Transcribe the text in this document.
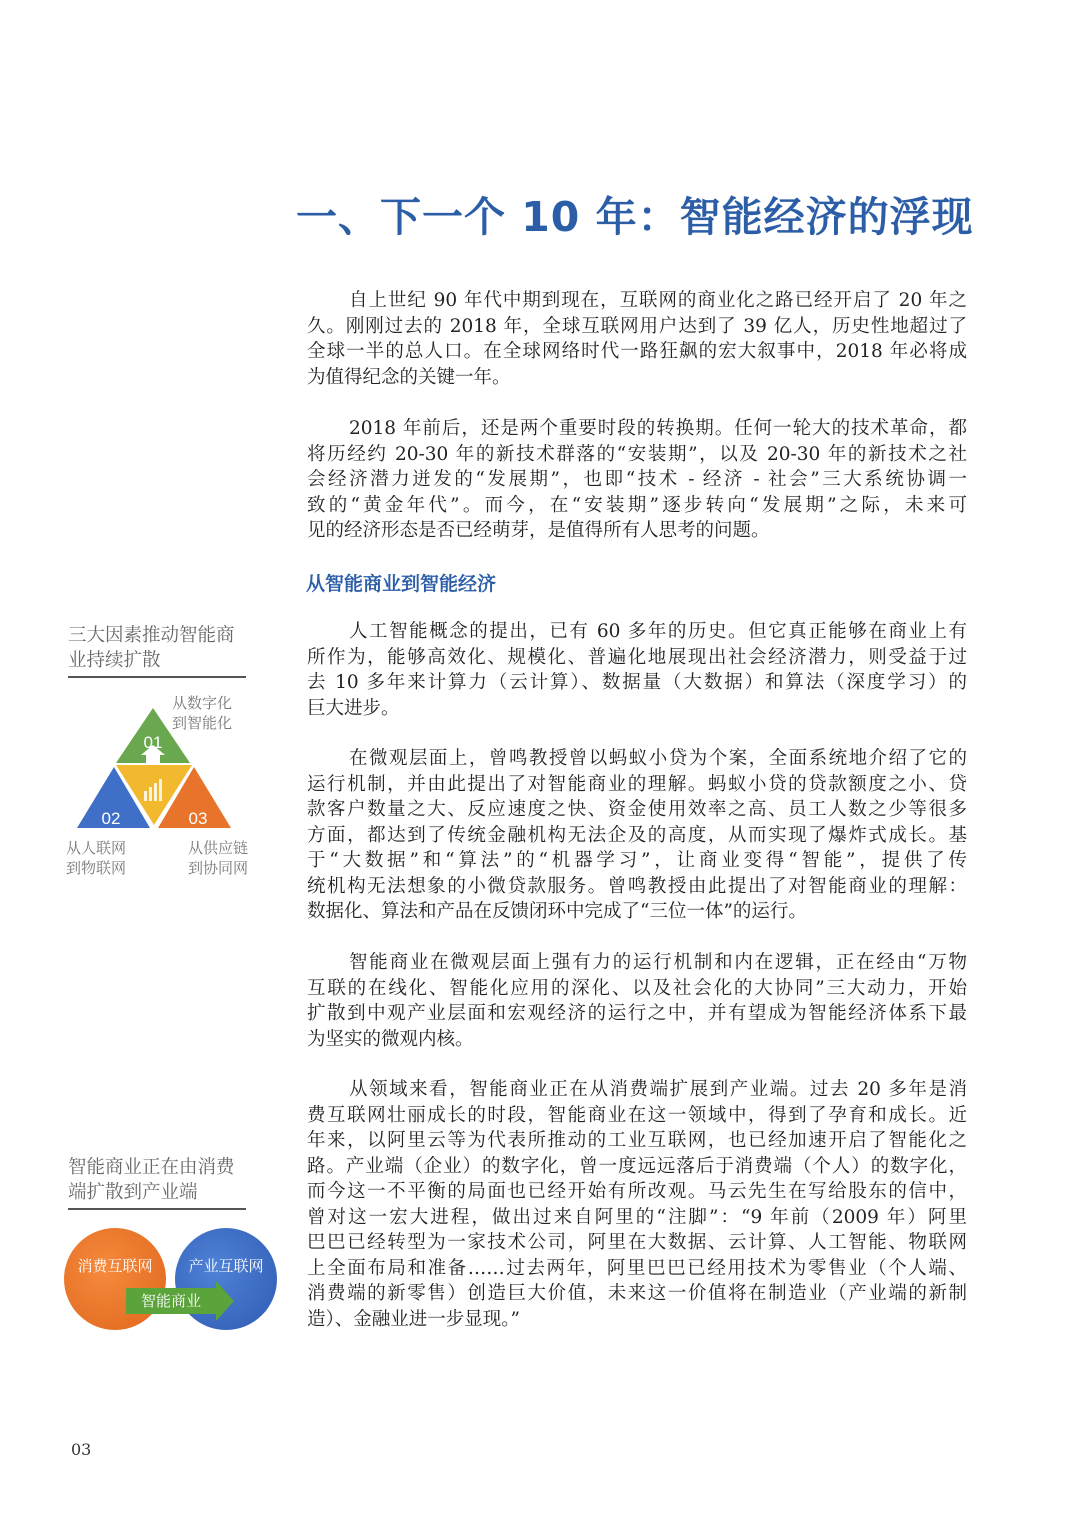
一、下一个 10 年：智能经济的浮现
自上世纪 90 年代中期到现在，互联网的商业化之路已经开启了 20 年之
久。刚刚过去的 2018 年，全球互联网用户达到了 39 亿人，历史性地超过了
全球一半的总人口。在全球网络时代一路狂飙的宏大叙事中，2018 年必将成
为值得纪念的关键一年。
2018 年前后，还是两个重要时段的转换期。任何一轮大的技术革命，都
将历经约 20-30 年的新技术群落的“安装期”，以及 20-30 年的新技术之社
会经济潜力迸发的“发展期”，也即“技术 - 经济 - 社会”三大系统协调一
致的“黄金年代”。而今，在“安装期”逐步转向“发展期”之际，未来可
见的经济形态是否已经萌芽，是值得所有人思考的问题。
人工智能概念的提出，已有 60 多年的历史。但它真正能够在商业上有
所作为，能够高效化、规模化、普遍化地展现出社会经济潜力，则受益于过
去 10 多年来计算力（云计算）、数据量（大数据）和算法（深度学习）的
巨大进步。
在微观层面上，曾鸣教授曾以蚂蚁小贷为个案，全面系统地介绍了它的
运行机制，并由此提出了对智能商业的理解。蚂蚁小贷的贷款额度之小、贷
款客户数量之大、反应速度之快、资金使用效率之高、员工人数之少等很多
方面，都达到了传统金融机构无法企及的高度，从而实现了爆炸式成长。基
于“大数据”和“算法”的“机器学习”，让商业变得“智能”，提供了传
统机构无法想象的小微贷款服务。曾鸣教授由此提出了对智能商业的理解：
数据化、算法和产品在反馈闭环中完成了“三位一体”的运行。
智能商业在微观层面上强有力的运行机制和内在逻辑，正在经由“万物
互联的在线化、智能化应用的深化、以及社会化的大协同”三大动力，开始
扩散到中观产业层面和宏观经济的运行之中，并有望成为智能经济体系下最
为坚实的微观内核。
从领域来看，智能商业正在从消费端扩展到产业端。过去 20 多年是消
费互联网壮丽成长的时段，智能商业在这一领域中，得到了孕育和成长。近
年来，以阿里云等为代表所推动的工业互联网，也已经加速开启了智能化之
路。产业端（企业）的数字化，曾一度远远落后于消费端（个人）的数字化，
而今这一不平衡的局面也已经开始有所改观。马云先生在写给股东的信中，
曾对这一宏大进程，做出过来自阿里的“注脚”：“9 年前（2009 年）阿里
巴巴已经转型为一家技术公司，阿里在大数据、云计算、人工智能、物联网
上全面布局和准备……过去两年，阿里巴巴已经用技术为零售业（个人端、
消费端的新零售）创造巨大价值，未来这一价值将在制造业（产业端的新制
造）、金融业进一步显现。”
从智能商业到智能经济
三大因素推动智能商
业持续扩散
从数字化
到智能化
01
02	03
从人联网
到物联网
从供应链
到协同网
智能商业正在由消费
端扩散到产业端
消费互联网	产业互联网
智能商业
03
